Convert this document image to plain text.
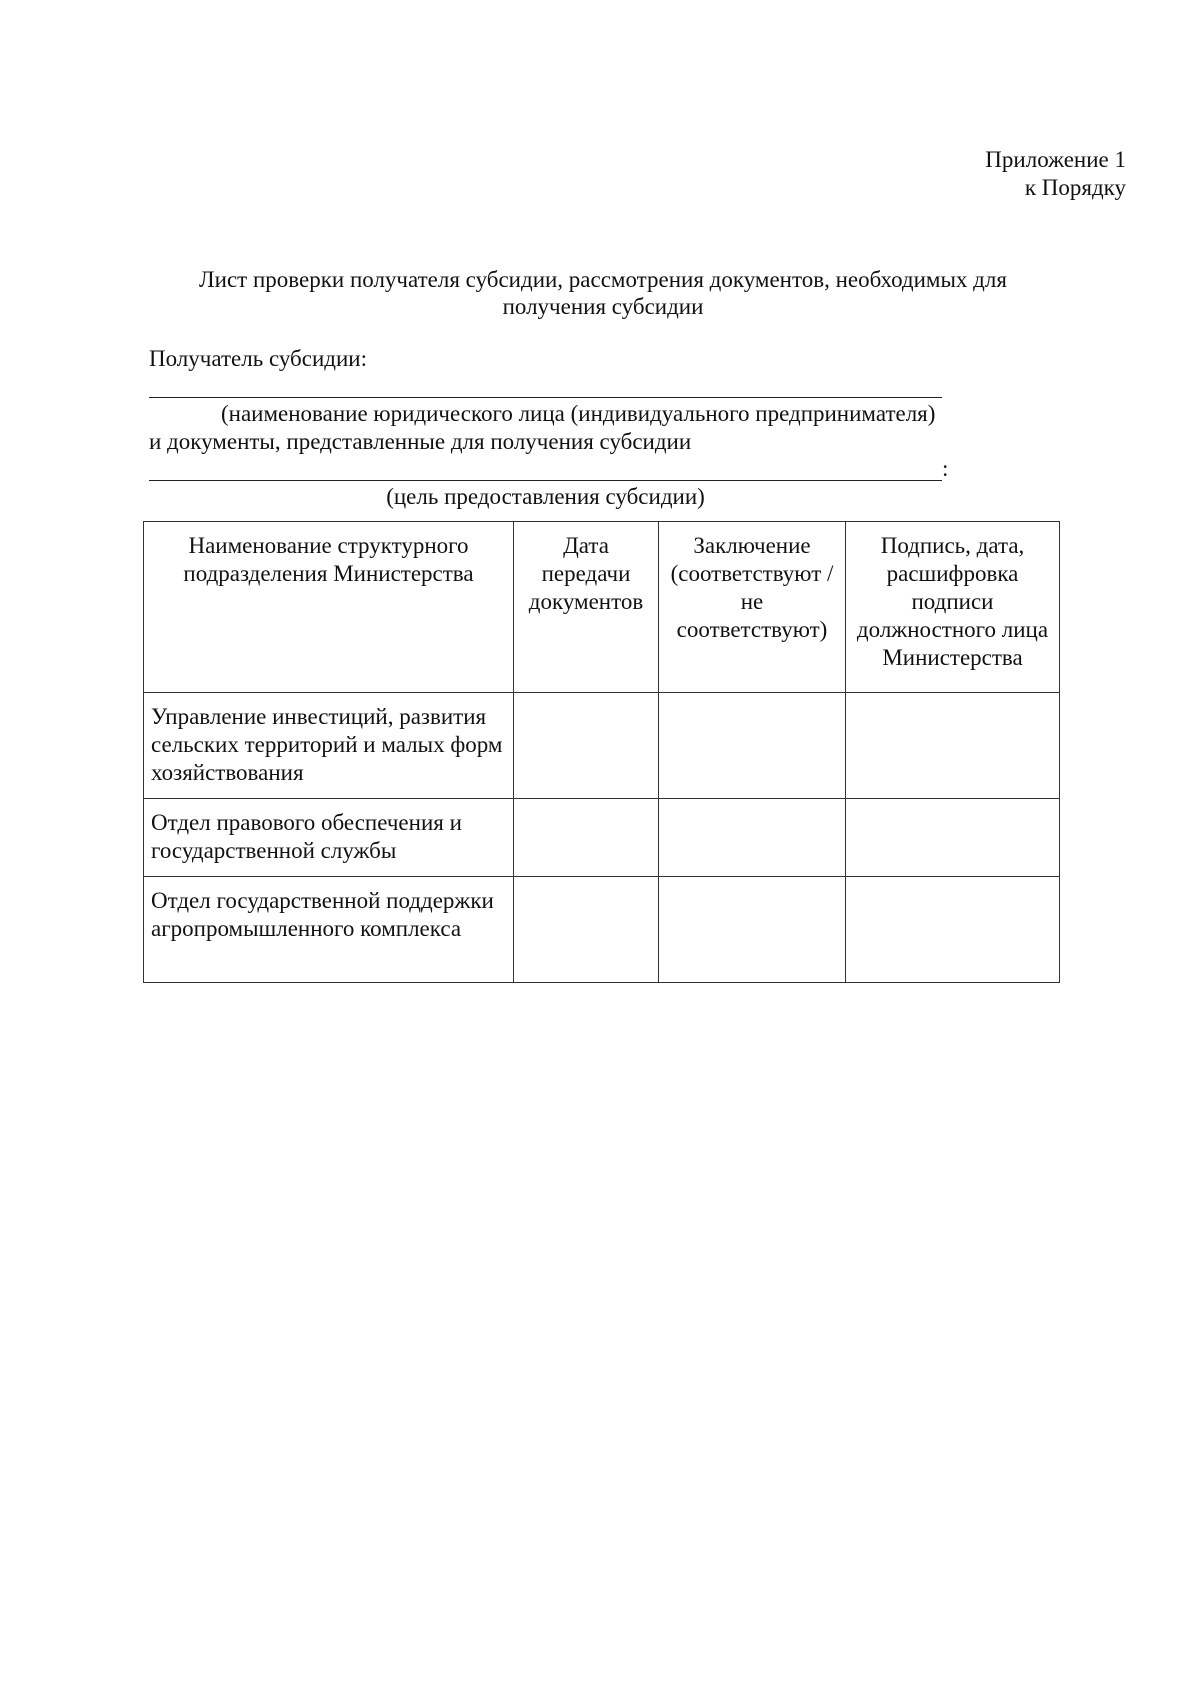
Приложение 1
к Порядку
Лист проверки получателя субсидии, рассмотрения документов, необходимых для
получения субсидии
Получатель субсидии:
(наименование юридического лица (индивидуального предпринимателя)
и документы, представленные для получения субсидии
:
(цель предоставления субсидии)
Наименование структурного подразделения Министерства	Дата передачи документов	Заключение (соответствуют / не соответствуют)	Подпись, дата, расшифровка подписи должностного лица Министерства
Управление инвестиций, развития сельских территорий и малых форм хозяйствования			
Отдел правового обеспечения и государственной службы			
Отдел государственной поддержки агропромышленного комплекса			
